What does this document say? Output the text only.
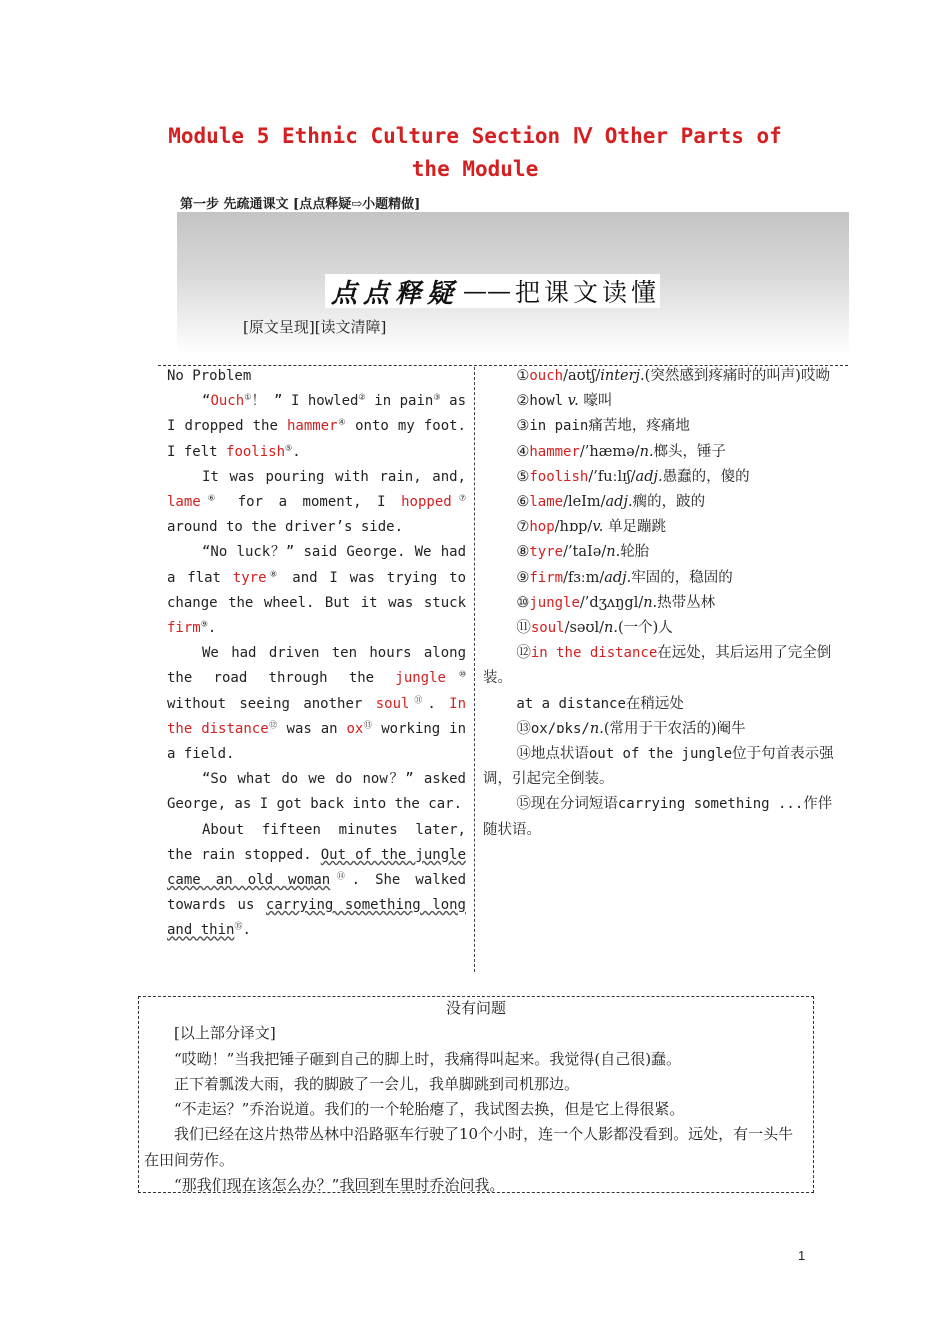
Module 5 Ethnic Culture Section Ⅳ Other Parts of the Module
第一步 先疏通课文 [点点释疑⇨小题精做]
点点释疑 —— 把课文读懂
[原文呈现][读文清障]

No Problem

“Ouch①！ ” I howled② in pain③ as I dropped the hammer④ onto my foot. I felt foolish⑤.

It was pouring with rain, and, lame⑥ for a moment, I hopped⑦ around to the driver’s side.

“No luck？” said George. We had a flat tyre⑧ and I was trying to change the wheel. But it was stuck firm⑨.

We had driven ten hours along the road through the jungle⑩ without seeing another soul⑪. In the distance⑫ was an ox⑬ working in a field.

“So what do we do now？” asked George, as I got back into the car.

About fifteen minutes later, the rain stopped. Out of the jungle came an old woman⑭. She walked towards us carrying something long and thin⑮.

①ouch/aʊtʃ/interj.(突然感到疼痛时的叫声)哎呦

②howl v. 嚎叫

③in pain痛苦地，疼痛地

④hammer/’hæmə/n.榔头，锤子

⑤foolish/’fuːlɪʃ/adj.愚蠢的，傻的

⑥lame/leIm/adj.瘸的，跛的

⑦hop/hɒp/v. 单足蹦跳

⑧tyre/’taIə/n.轮胎

⑨firm/fɜːm/adj.牢固的，稳固的

⑩jungle/’dʒʌŋgl/n.热带丛林

⑪soul/səʊl/n.(一个)人

⑫in the distance在远处，其后运用了完全倒装。

at a distance在稍远处

⑬ox/ɒks/n.(常用于干农活的)阉牛

⑭地点状语out of the jungle位于句首表示强调，引起完全倒装。

⑮现在分词短语carrying something ...作伴随状语。

没有问题

[以上部分译文]

“哎呦！”当我把锤子砸到自己的脚上时，我痛得叫起来。我觉得(自己很)蠢。

正下着瓢泼大雨，我的脚跛了一会儿，我单脚跳到司机那边。

“不走运？”乔治说道。我们的一个轮胎瘪了，我试图去换，但是它上得很紧。

我们已经在这片热带丛林中沿路驱车行驶了10个小时，连一个人影都没看到。远处，有一头牛在田间劳作。

“那我们现在该怎么办？”我回到车里时乔治问我。

1
